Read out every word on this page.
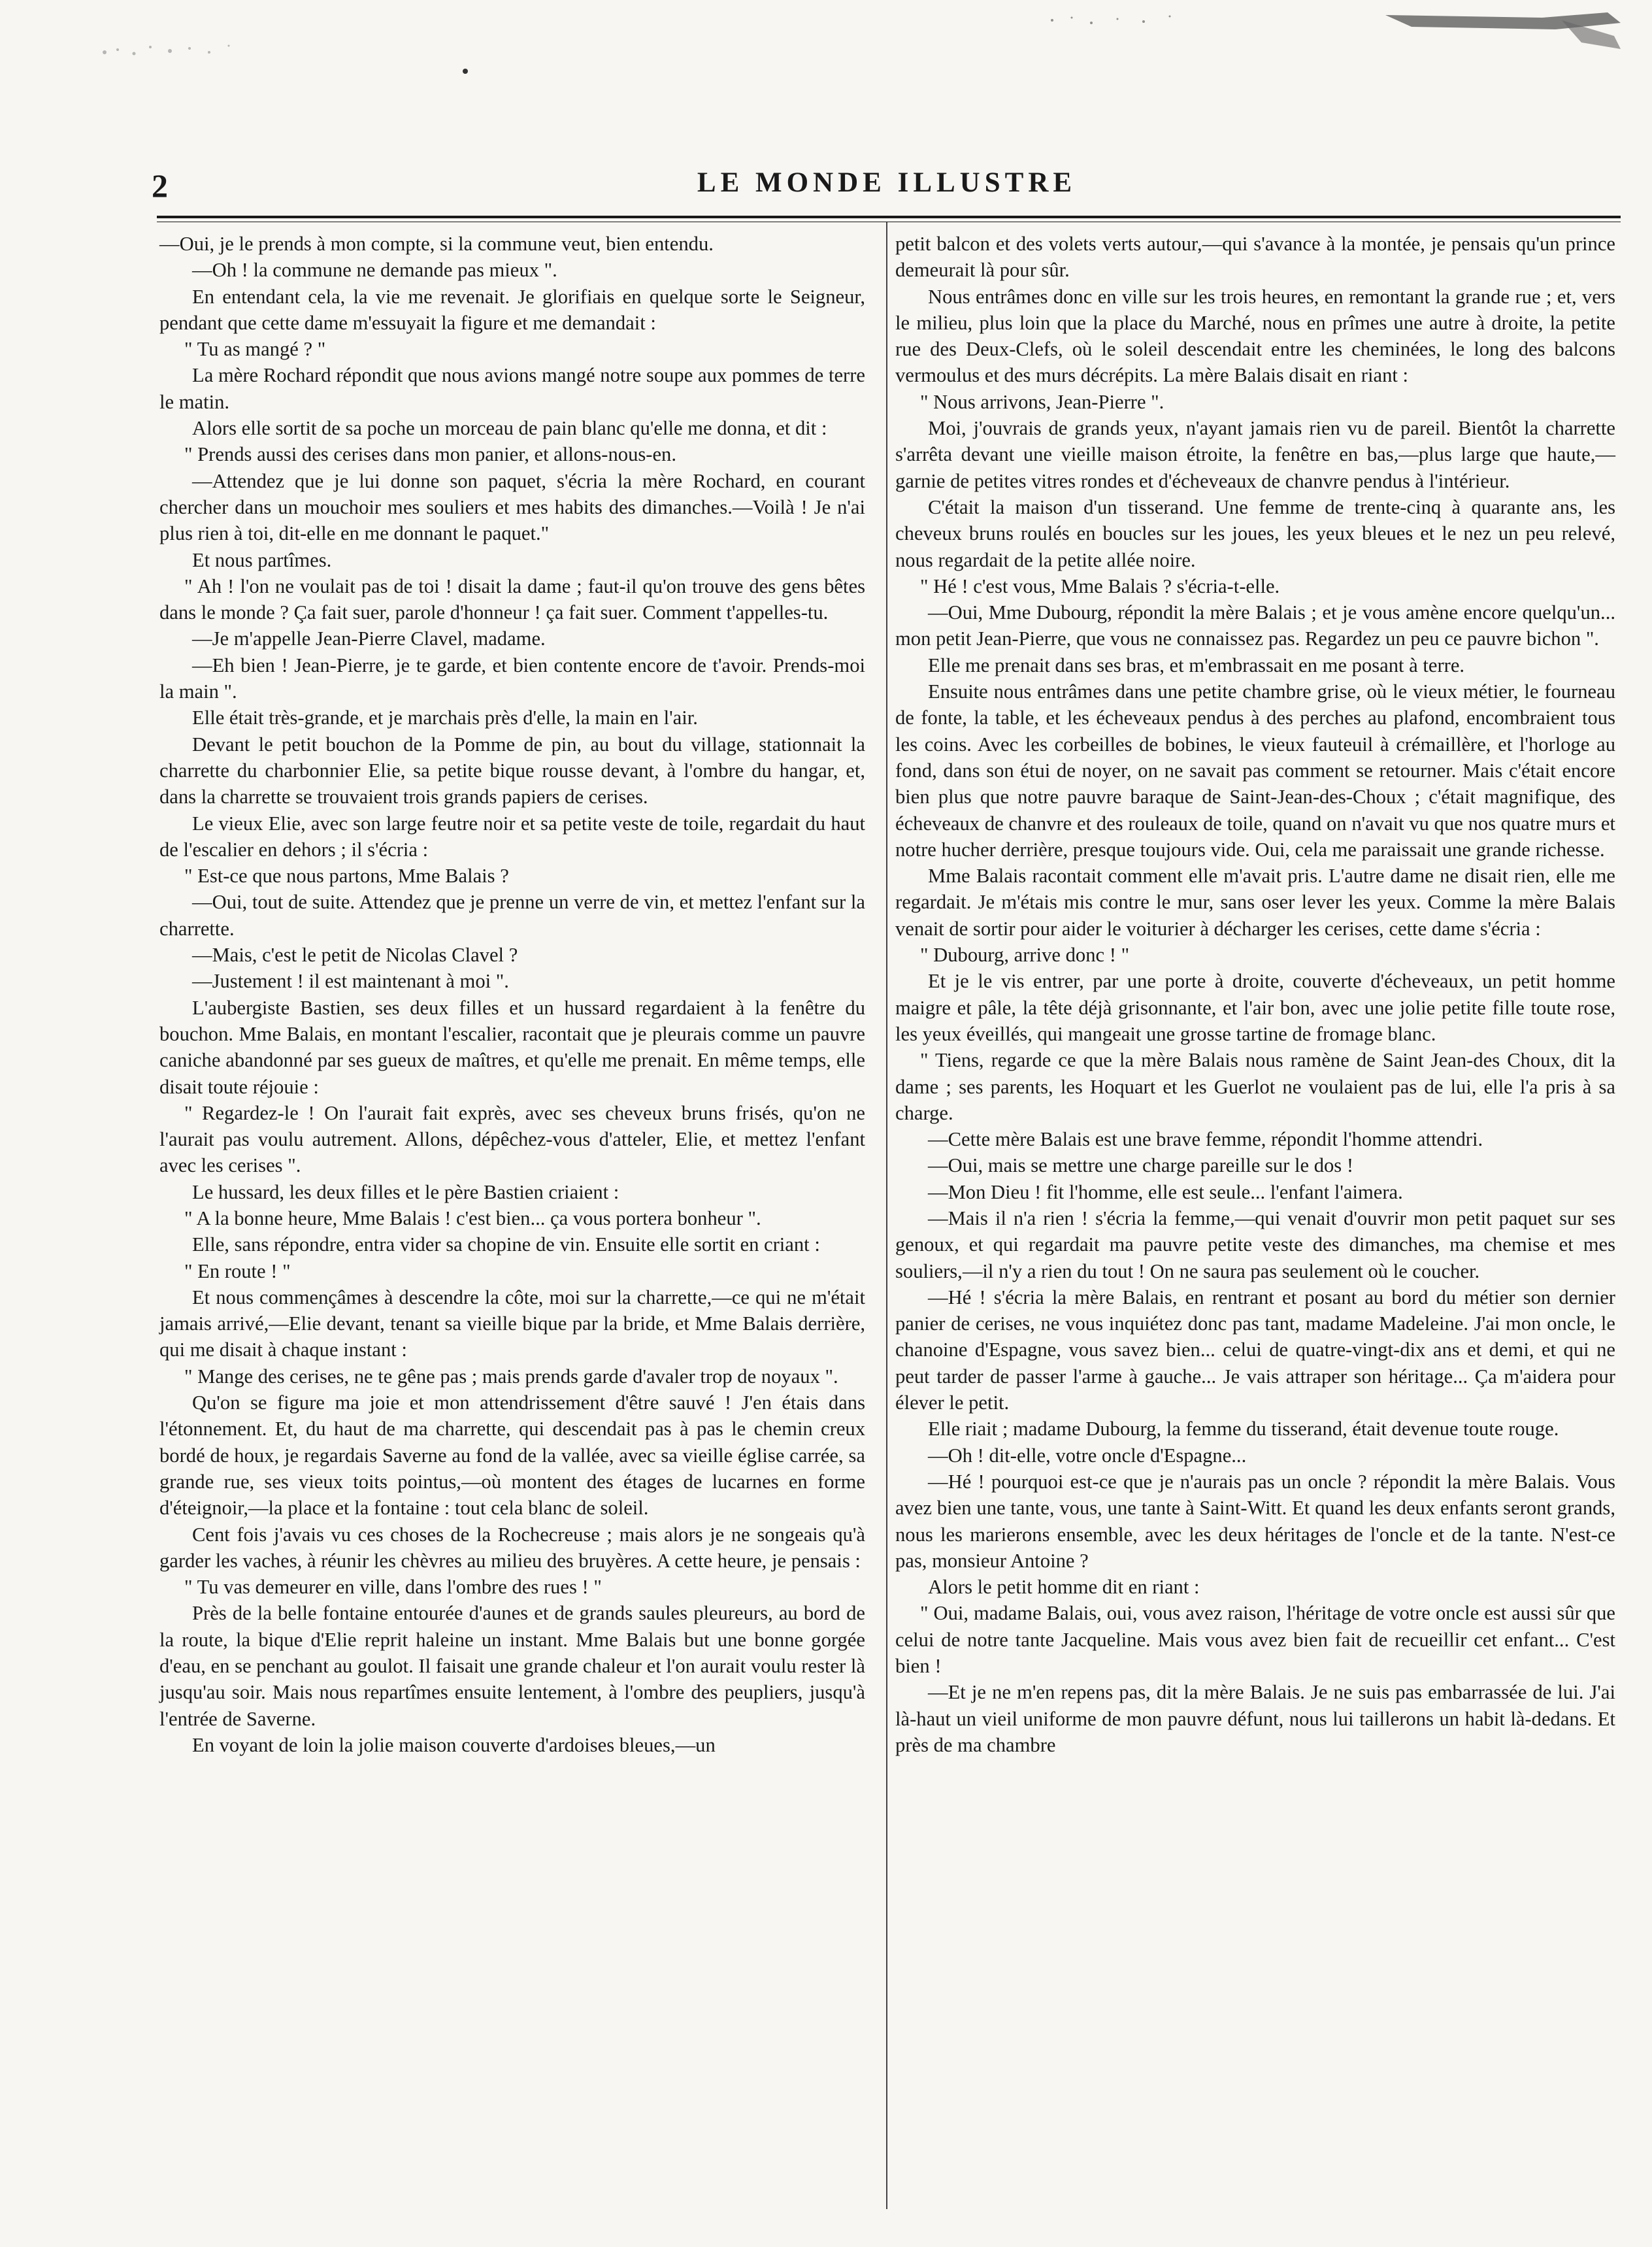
2	LE MONDE ILLUSTRE

—Oui, je le prends à mon compte, si la commune veut, bien entendu.

—Oh ! la commune ne demande pas mieux ".

En entendant cela, la vie me revenait. Je glorifiais en quelque sorte le Seigneur, pendant que cette dame m'essuyait la figure et me demandait :

" Tu as mangé ? "

La mère Rochard répondit que nous avions mangé notre soupe aux pommes de terre le matin.

Alors elle sortit de sa poche un morceau de pain blanc qu'elle me donna, et dit :

" Prends aussi des cerises dans mon panier, et allons-nous-en.

—Attendez que je lui donne son paquet, s'écria la mère Rochard, en courant chercher dans un mouchoir mes souliers et mes habits des dimanches.—Voilà ! Je n'ai plus rien à toi, dit-elle en me donnant le paquet."

Et nous partîmes.

" Ah ! l'on ne voulait pas de toi ! disait la dame ; faut-il qu'on trouve des gens bêtes dans le monde ? Ça fait suer, parole d'honneur ! ça fait suer. Comment t'appelles-tu.

—Je m'appelle Jean-Pierre Clavel, madame.

—Eh bien ! Jean-Pierre, je te garde, et bien contente encore de t'avoir. Prends-moi la main ".

Elle était très-grande, et je marchais près d'elle, la main en l'air.

Devant le petit bouchon de la Pomme de pin, au bout du village, stationnait la charrette du charbonnier Elie, sa petite bique rousse devant, à l'ombre du hangar, et, dans la charrette se trouvaient trois grands papiers de cerises.

Le vieux Elie, avec son large feutre noir et sa petite veste de toile, regardait du haut de l'escalier en dehors ; il s'écria :

" Est-ce que nous partons, Mme Balais ?

—Oui, tout de suite. Attendez que je prenne un verre de vin, et mettez l'enfant sur la charrette.

—Mais, c'est le petit de Nicolas Clavel ?

—Justement ! il est maintenant à moi ".

L'aubergiste Bastien, ses deux filles et un hussard regardaient à la fenêtre du bouchon. Mme Balais, en montant l'escalier, racontait que je pleurais comme un pauvre caniche abandonné par ses gueux de maîtres, et qu'elle me prenait. En même temps, elle disait toute réjouie :

" Regardez-le ! On l'aurait fait exprès, avec ses cheveux bruns frisés, qu'on ne l'aurait pas voulu autrement. Allons, dépêchez-vous d'atteler, Elie, et mettez l'enfant avec les cerises ".

Le hussard, les deux filles et le père Bastien criaient :

" A la bonne heure, Mme Balais ! c'est bien... ça vous portera bonheur ".

Elle, sans répondre, entra vider sa chopine de vin. Ensuite elle sortit en criant :

" En route ! "

Et nous commençâmes à descendre la côte, moi sur la charrette,—ce qui ne m'était jamais arrivé,—Elie devant, tenant sa vieille bique par la bride, et Mme Balais derrière, qui me disait à chaque instant :

" Mange des cerises, ne te gêne pas ; mais prends garde d'avaler trop de noyaux ".

Qu'on se figure ma joie et mon attendrissement d'être sauvé ! J'en étais dans l'étonnement. Et, du haut de ma charrette, qui descendait pas à pas le chemin creux bordé de houx, je regardais Saverne au fond de la vallée, avec sa vieille église carrée, sa grande rue, ses vieux toits pointus,—où montent des étages de lucarnes en forme d'éteignoir,—la place et la fontaine : tout cela blanc de soleil.

Cent fois j'avais vu ces choses de la Rochecreuse ; mais alors je ne songeais qu'à garder les vaches, à réunir les chèvres au milieu des bruyères. A cette heure, je pensais :

" Tu vas demeurer en ville, dans l'ombre des rues ! "

Près de la belle fontaine entourée d'aunes et de grands saules pleureurs, au bord de la route, la bique d'Elie reprit haleine un instant. Mme Balais but une bonne gorgée d'eau, en se penchant au goulot. Il faisait une grande chaleur et l'on aurait voulu rester là jusqu'au soir. Mais nous repartîmes ensuite lentement, à l'ombre des peupliers, jusqu'à l'entrée de Saverne.

En voyant de loin la jolie maison couverte d'ardoises bleues,—un

petit balcon et des volets verts autour,—qui s'avance à la montée, je pensais qu'un prince demeurait là pour sûr.

Nous entrâmes donc en ville sur les trois heures, en remontant la grande rue ; et, vers le milieu, plus loin que la place du Marché, nous en prîmes une autre à droite, la petite rue des Deux-Clefs, où le soleil descendait entre les cheminées, le long des balcons vermoulus et des murs décrépits. La mère Balais disait en riant :

" Nous arrivons, Jean-Pierre ".

Moi, j'ouvrais de grands yeux, n'ayant jamais rien vu de pareil. Bientôt la charrette s'arrêta devant une vieille maison étroite, la fenêtre en bas,—plus large que haute,—garnie de petites vitres rondes et d'écheveaux de chanvre pendus à l'intérieur.

C'était la maison d'un tisserand. Une femme de trente-cinq à quarante ans, les cheveux bruns roulés en boucles sur les joues, les yeux bleues et le nez un peu relevé, nous regardait de la petite allée noire.

" Hé ! c'est vous, Mme Balais ? s'écria-t-elle.

—Oui, Mme Dubourg, répondit la mère Balais ; et je vous amène encore quelqu'un... mon petit Jean-Pierre, que vous ne connaissez pas. Regardez un peu ce pauvre bichon ".

Elle me prenait dans ses bras, et m'embrassait en me posant à terre.

Ensuite nous entrâmes dans une petite chambre grise, où le vieux métier, le fourneau de fonte, la table, et les écheveaux pendus à des perches au plafond, encombraient tous les coins. Avec les corbeilles de bobines, le vieux fauteuil à crémaillère, et l'horloge au fond, dans son étui de noyer, on ne savait pas comment se retourner. Mais c'était encore bien plus que notre pauvre baraque de Saint-Jean-des-Choux ; c'était magnifique, des écheveaux de chanvre et des rouleaux de toile, quand on n'avait vu que nos quatre murs et notre hucher derrière, presque toujours vide. Oui, cela me paraissait une grande richesse.

Mme Balais racontait comment elle m'avait pris. L'autre dame ne disait rien, elle me regardait. Je m'étais mis contre le mur, sans oser lever les yeux. Comme la mère Balais venait de sortir pour aider le voiturier à décharger les cerises, cette dame s'écria :

" Dubourg, arrive donc ! "

Et je le vis entrer, par une porte à droite, couverte d'écheveaux, un petit homme maigre et pâle, la tête déjà grisonnante, et l'air bon, avec une jolie petite fille toute rose, les yeux éveillés, qui mangeait une grosse tartine de fromage blanc.

" Tiens, regarde ce que la mère Balais nous ramène de Saint Jean-des Choux, dit la dame ; ses parents, les Hoquart et les Guerlot ne voulaient pas de lui, elle l'a pris à sa charge.

—Cette mère Balais est une brave femme, répondit l'homme attendri.

—Oui, mais se mettre une charge pareille sur le dos !

—Mon Dieu ! fit l'homme, elle est seule... l'enfant l'aimera.

—Mais il n'a rien ! s'écria la femme,—qui venait d'ouvrir mon petit paquet sur ses genoux, et qui regardait ma pauvre petite veste des dimanches, ma chemise et mes souliers,—il n'y a rien du tout ! On ne saura pas seulement où le coucher.

—Hé ! s'écria la mère Balais, en rentrant et posant au bord du métier son dernier panier de cerises, ne vous inquiétez donc pas tant, madame Madeleine. J'ai mon oncle, le chanoine d'Espagne, vous savez bien... celui de quatre-vingt-dix ans et demi, et qui ne peut tarder de passer l'arme à gauche... Je vais attraper son héritage... Ça m'aidera pour élever le petit.

Elle riait ; madame Dubourg, la femme du tisserand, était devenue toute rouge.

—Oh ! dit-elle, votre oncle d'Espagne...

—Hé ! pourquoi est-ce que je n'aurais pas un oncle ? répondit la mère Balais. Vous avez bien une tante, vous, une tante à Saint-Witt. Et quand les deux enfants seront grands, nous les marierons ensemble, avec les deux héritages de l'oncle et de la tante. N'est-ce pas, monsieur Antoine ?

Alors le petit homme dit en riant :

" Oui, madame Balais, oui, vous avez raison, l'héritage de votre oncle est aussi sûr que celui de notre tante Jacqueline. Mais vous avez bien fait de recueillir cet enfant... C'est bien !

—Et je ne m'en repens pas, dit la mère Balais. Je ne suis pas embarrassée de lui. J'ai là-haut un vieil uniforme de mon pauvre défunt, nous lui taillerons un habit là-dedans. Et près de ma chambre
